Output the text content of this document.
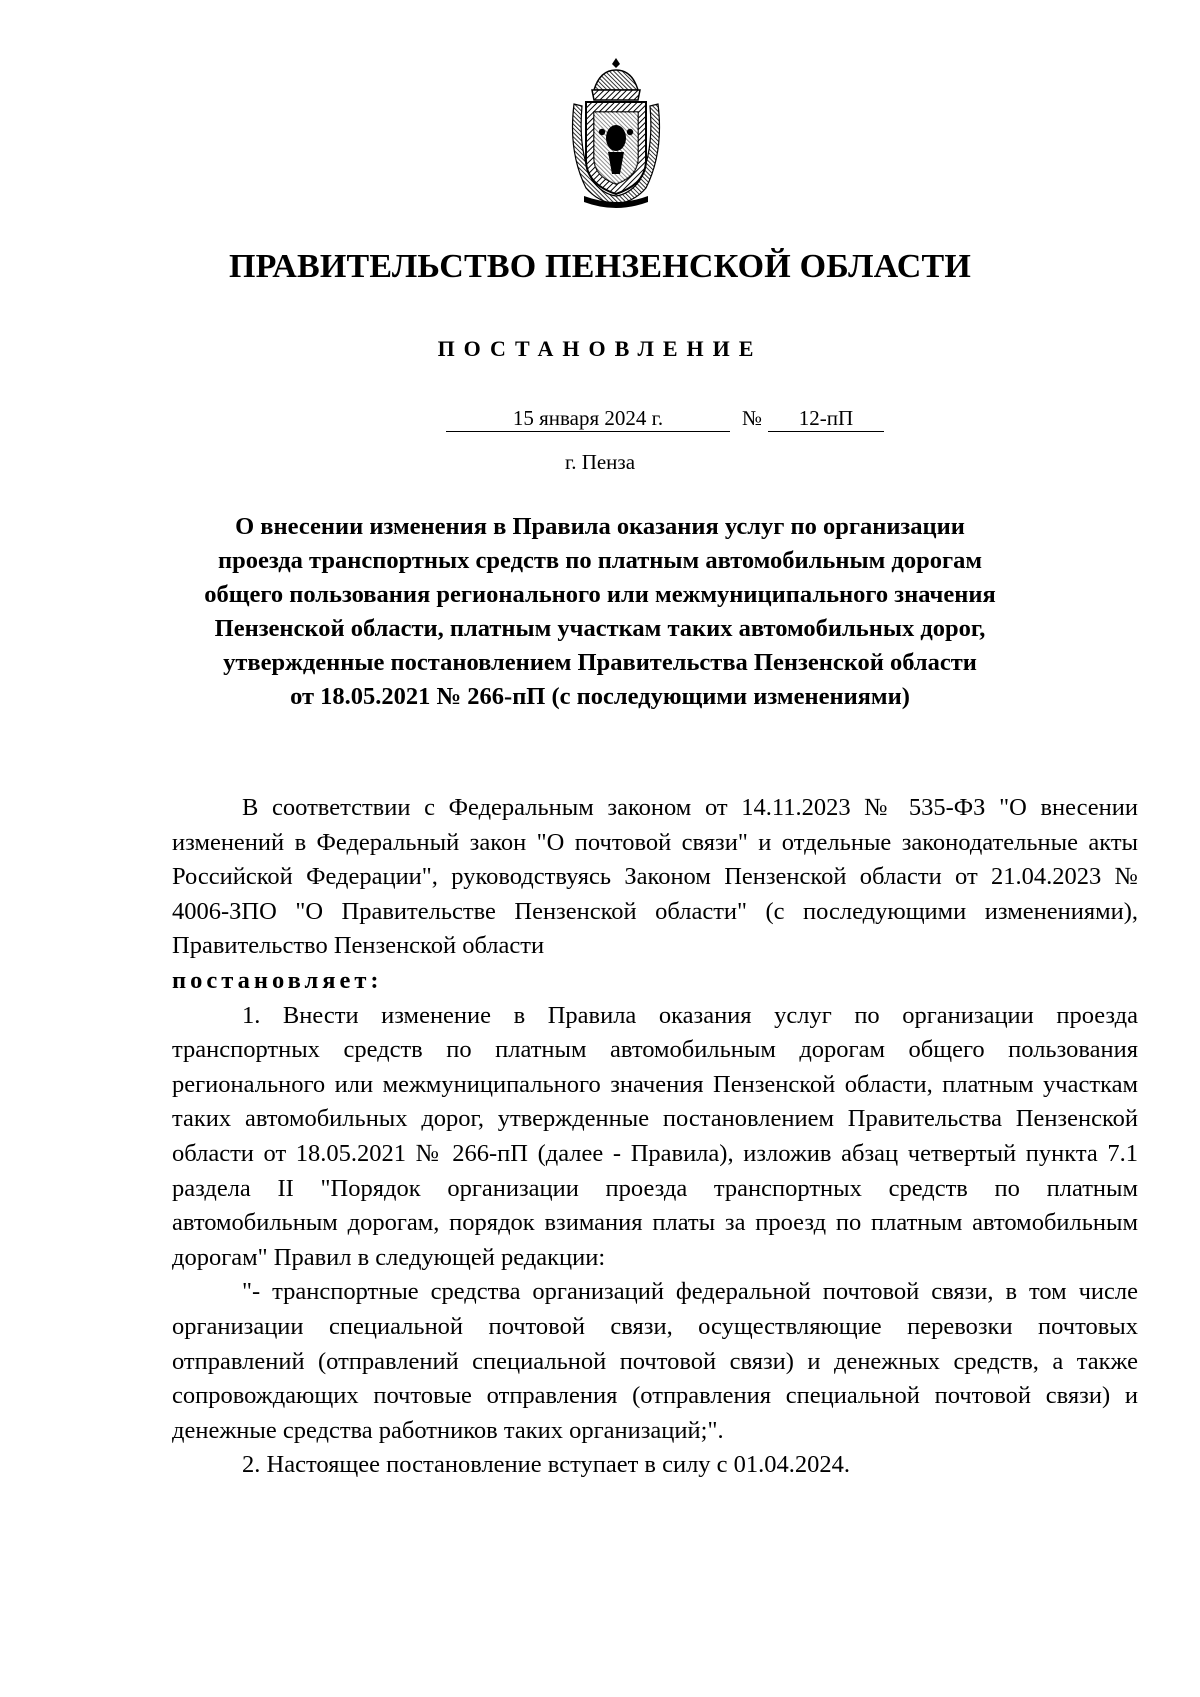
ПРАВИТЕЛЬСТВО ПЕНЗЕНСКОЙ ОБЛАСТИ
ПОСТАНОВЛЕНИЕ
15 января 2024 г.	№	12-пП
г. Пенза
О внесении изменения в Правила оказания услуг по организации
проезда транспортных средств по платным автомобильным дорогам
общего пользования регионального или межмуниципального значения
Пензенской области, платным участкам таких автомобильных дорог,
утвержденные постановлением Правительства Пензенской области
от 18.05.2021 № 266-пП (с последующими изменениями)

В соответствии с Федеральным законом от 14.11.2023 № 535-ФЗ "О внесении изменений в Федеральный закон "О почтовой связи" и отдельные законодательные акты Российской Федерации", руководствуясь Законом Пензенской области от 21.04.2023 № 4006-ЗПО "О Правительстве Пензенской области" (с последующими изменениями), Правительство Пензенской области

постановляет:

1. Внести изменение в Правила оказания услуг по организации проезда транспортных средств по платным автомобильным дорогам общего пользования регионального или межмуниципального значения Пензенской области, платным участкам таких автомобильных дорог, утвержденные постановлением Правительства Пензенской области от 18.05.2021 № 266-пП (далее - Правила), изложив абзац четвертый пункта 7.1 раздела II "Порядок организации проезда транспортных средств по платным автомобильным дорогам, порядок взимания платы за проезд по платным автомобильным дорогам" Правил в следующей редакции:

"- транспортные средства организаций федеральной почтовой связи, в том числе организации специальной почтовой связи, осуществляющие перевозки почтовых отправлений (отправлений специальной почтовой связи) и денежных средств, а также сопровождающих почтовые отправления (отправления специальной почтовой связи) и денежные средства работников таких организаций;".

2. Настоящее постановление вступает в силу с 01.04.2024.
